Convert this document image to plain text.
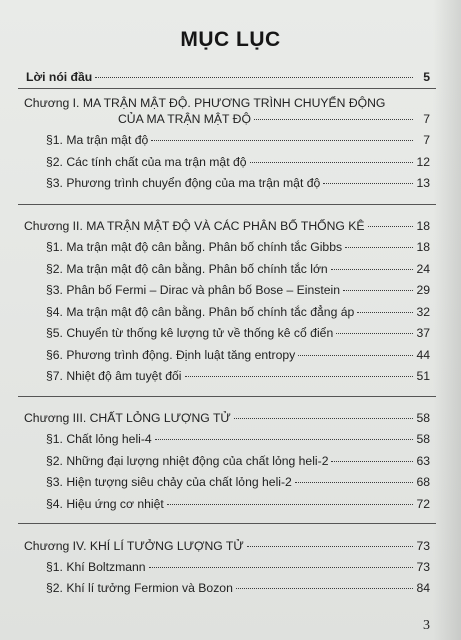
MỤC LỤC
Lời nói đầu	5
Chương I. MA TRẬN MẬT ĐỘ. PHƯƠNG TRÌNH CHUYỂN ĐỘNG
CỦA MA TRẬN MẬT ĐỘ	7
§1. Ma trận mật độ	7
§2. Các tính chất của ma trận mật độ	12
§3. Phương trình chuyển động của ma trận mật độ	13
Chương II. MA TRẬN MẬT ĐỘ VÀ CÁC PHÂN BỐ THỐNG KÊ	18
§1. Ma trận mật độ cân bằng. Phân bố chính tắc Gibbs	18
§2. Ma trận mật độ cân bằng. Phân bố chính tắc lớn	24
§3. Phân bố Fermi – Dirac và phân bố Bose – Einstein	29
§4. Ma trận mật độ cân bằng. Phân bố chính tắc đẳng áp	32
§5. Chuyển từ thống kê lượng tử về thống kê cổ điển	37
§6. Phương trình động. Định luật tăng entropy	44
§7. Nhiệt độ âm tuyệt đối	51
Chương III. CHẤT LỎNG LƯỢNG TỬ	58
§1. Chất lỏng heli-4	58
§2. Những đại lượng nhiệt động của chất lỏng heli-2	63
§3. Hiện tượng siêu chảy của chất lỏng heli-2	68
§4. Hiệu ứng cơ nhiệt	72
Chương IV. KHÍ LÍ TƯỞNG LƯỢNG TỬ	73
§1. Khí Boltzmann	73
§2. Khí lí tưởng Fermion và Bozon	84
3
